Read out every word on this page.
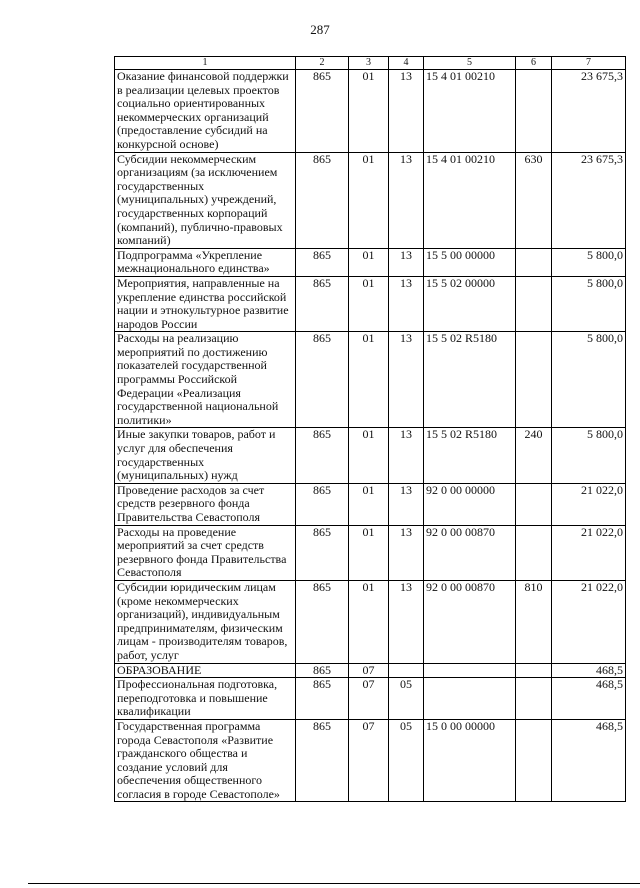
287
1	2	3	4	5	6	7
Оказание финансовой поддержки в реализации целевых проектов социально ориентированных некоммерческих организаций (предоставление субсидий на конкурсной основе)	865	01	13	15 4 01 00210		23 675,3
Субсидии некоммерческим организациям (за исключением государственных (муниципальных) учреждений, государственных корпораций (компаний), публично-правовых компаний)	865	01	13	15 4 01 00210	630	23 675,3
Подпрограмма «Укрепление межнационального единства»	865	01	13	15 5 00 00000		5 800,0
Мероприятия, направленные на укрепление единства российской нации и этнокультурное развитие народов России	865	01	13	15 5 02 00000		5 800,0
Расходы на реализацию мероприятий по достижению показателей государственной программы Российской Федерации «Реализация государственной национальной политики»	865	01	13	15 5 02 R5180		5 800,0
Иные закупки товаров, работ и услуг для обеспечения государственных (муниципальных) нужд	865	01	13	15 5 02 R5180	240	5 800,0
Проведение расходов за счет средств резервного фонда Правительства Севастополя	865	01	13	92 0 00 00000		21 022,0
Расходы на проведение мероприятий за счет средств резервного фонда Правительства Севастополя	865	01	13	92 0 00 00870		21 022,0
Субсидии юридическим лицам (кроме некоммерческих организаций), индивидуальным предпринимателям, физическим лицам - производителям товаров, работ, услуг	865	01	13	92 0 00 00870	810	21 022,0
ОБРАЗОВАНИЕ	865	07				468,5
Профессиональная подготовка, переподготовка и повышение квалификации	865	07	05			468,5
Государственная программа города Севастополя «Развитие гражданского общества и создание условий для обеспечения общественного согласия в городе Севастополе»	865	07	05	15 0 00 00000		468,5
